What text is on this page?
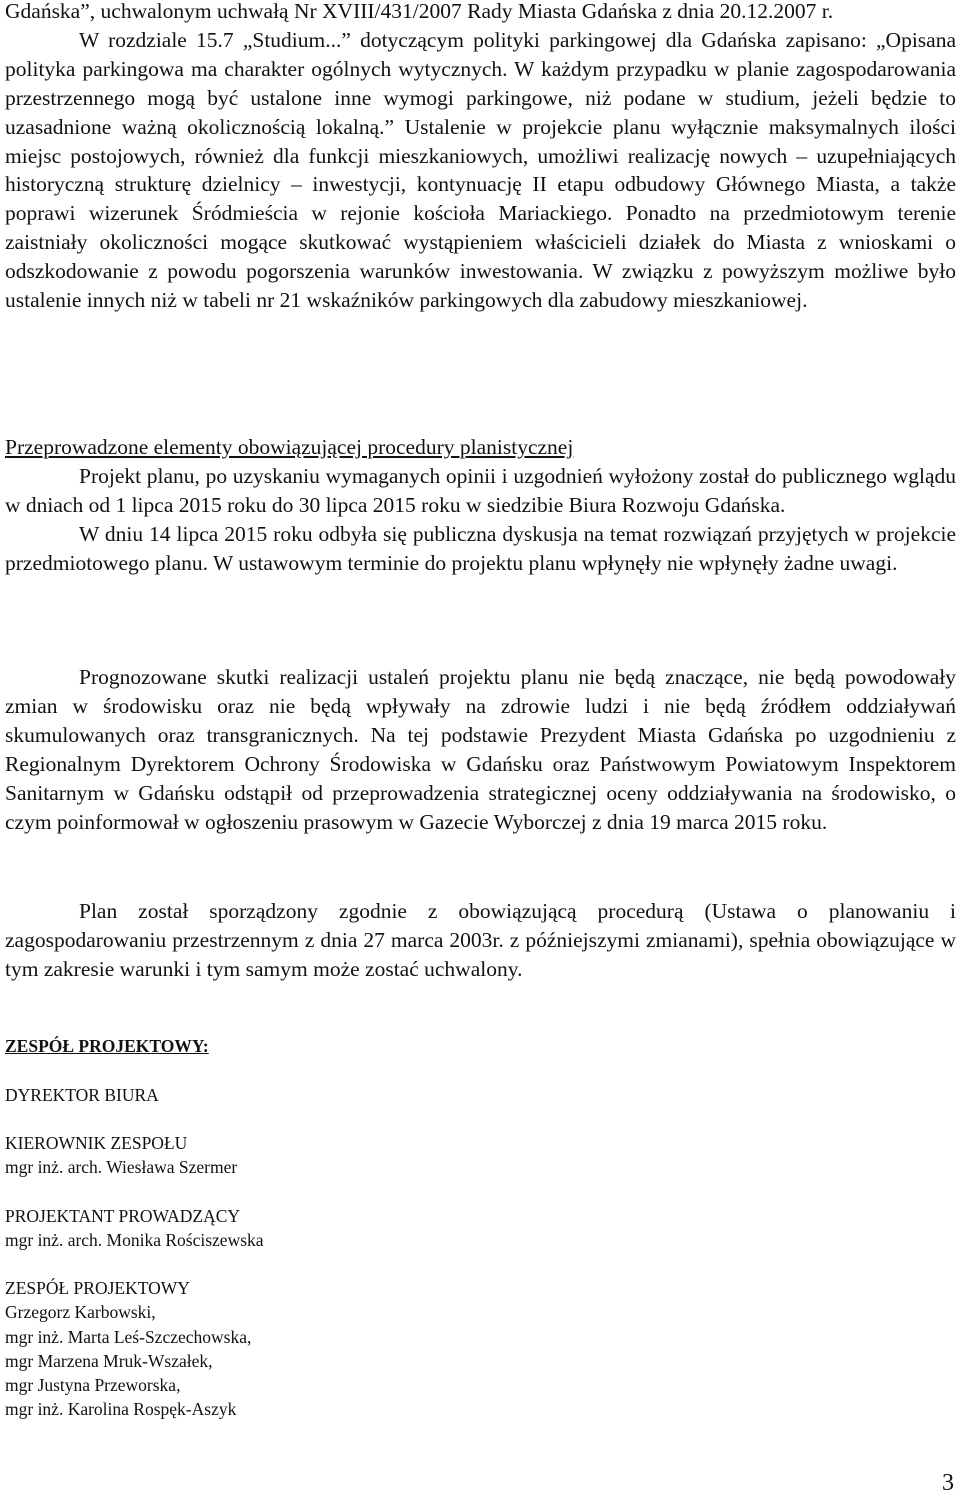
Gdańska”, uchwalonym uchwałą Nr XVIII/431/2007 Rady Miasta Gdańska z dnia 20.12.2007 r.

W rozdziale 15.7 „Studium...” dotyczącym polityki parkingowej dla Gdańska zapisano: „Opisana polityka parkingowa ma charakter ogólnych wytycznych. W każdym przypadku w planie zagospodarowania przestrzennego mogą być ustalone inne wymogi parkingowe, niż podane w studium, jeżeli będzie to uzasadnione ważną okolicznością lokalną.” Ustalenie w projekcie planu wyłącznie maksymalnych ilości miejsc postojowych, również dla funkcji mieszkaniowych, umożliwi realizację nowych – uzupełniających historyczną strukturę dzielnicy – inwestycji, kontynuację II etapu odbudowy Głównego Miasta, a także poprawi wizerunek Śródmieścia w rejonie kościoła Mariackiego. Ponadto na przedmiotowym terenie zaistniały okoliczności mogące skutkować wystąpieniem właścicieli działek do Miasta z wnioskami o odszkodowanie z powodu pogorszenia warunków inwestowania. W związku z powyższym możliwe było ustalenie innych niż w tabeli nr 21 wskaźników parkingowych dla zabudowy mieszkaniowej.

Przeprowadzone elementy obowiązującej procedury planistycznej

Projekt planu, po uzyskaniu wymaganych opinii i uzgodnień wyłożony został do publicznego wglądu w dniach od 1 lipca 2015 roku do 30 lipca 2015 roku w siedzibie Biura Rozwoju Gdańska.

W dniu 14 lipca 2015 roku odbyła się publiczna dyskusja na temat rozwiązań przyjętych w projekcie przedmiotowego planu. W ustawowym terminie do projektu planu wpłynęły nie wpłynęły żadne uwagi.

Prognozowane skutki realizacji ustaleń projektu planu nie będą znaczące, nie będą powodowały zmian w środowisku oraz nie będą wpływały na zdrowie ludzi i nie będą źródłem oddziaływań skumulowanych oraz transgranicznych. Na tej podstawie Prezydent Miasta Gdańska po uzgodnieniu z Regionalnym Dyrektorem Ochrony Środowiska w Gdańsku oraz Państwowym Powiatowym Inspektorem Sanitarnym w Gdańsku odstąpił od przeprowadzenia strategicznej oceny oddziaływania na środowisko, o czym poinformował w ogłoszeniu prasowym w Gazecie Wyborczej z dnia 19 marca 2015 roku.

Plan został sporządzony zgodnie z obowiązującą procedurą (Ustawa o planowaniu i zagospodarowaniu przestrzennym z dnia 27 marca 2003r. z późniejszymi zmianami), spełnia obowiązujące w tym zakresie warunki i tym samym może zostać uchwalony.

ZESPÓŁ PROJEKTOWY:

DYREKTOR BIURA

KIEROWNIK ZESPOŁU

mgr inż. arch. Wiesława Szermer

PROJEKTANT PROWADZĄCY

mgr inż. arch. Monika Rościszewska

ZESPÓŁ PROJEKTOWY

Grzegorz Karbowski,

mgr inż. Marta Leś-Szczechowska,

mgr Marzena Mruk-Wszałek,

mgr Justyna Przeworska,

mgr inż. Karolina Rospęk-Aszyk

3
